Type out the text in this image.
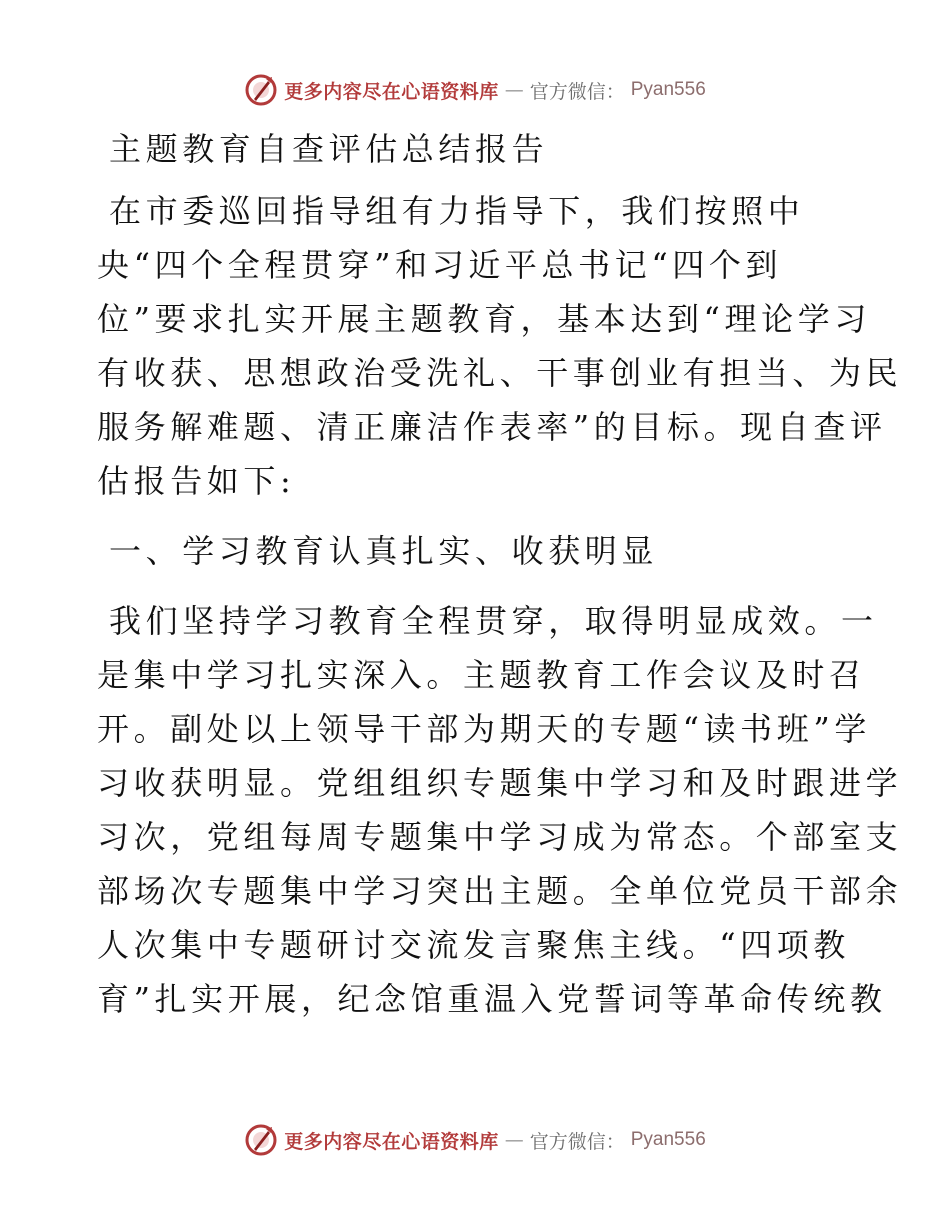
更多内容尽在心语资料库 — 官方微信： Pyan556
主题教育自查评估总结报告
在市委巡回指导组有力指导下，我们按照中
央“四个全程贯穿”和习近平总书记“四个到
位”要求扎实开展主题教育，基本达到“理论学习
有收获、思想政治受洗礼、干事创业有担当、为民
服务解难题、清正廉洁作表率”的目标。现自查评
估报告如下:
一、学习教育认真扎实、收获明显
我们坚持学习教育全程贯穿，取得明显成效。一
是集中学习扎实深入。主题教育工作会议及时召
开。副处以上领导干部为期天的专题“读书班”学
习收获明显。党组组织专题集中学习和及时跟进学
习次，党组每周专题集中学习成为常态。个部室支
部场次专题集中学习突出主题。全单位党员干部余
人次集中专题研讨交流发言聚焦主线。“四项教
育”扎实开展，纪念馆重温入党誓词等革命传统教
更多内容尽在心语资料库 — 官方微信： Pyan556
